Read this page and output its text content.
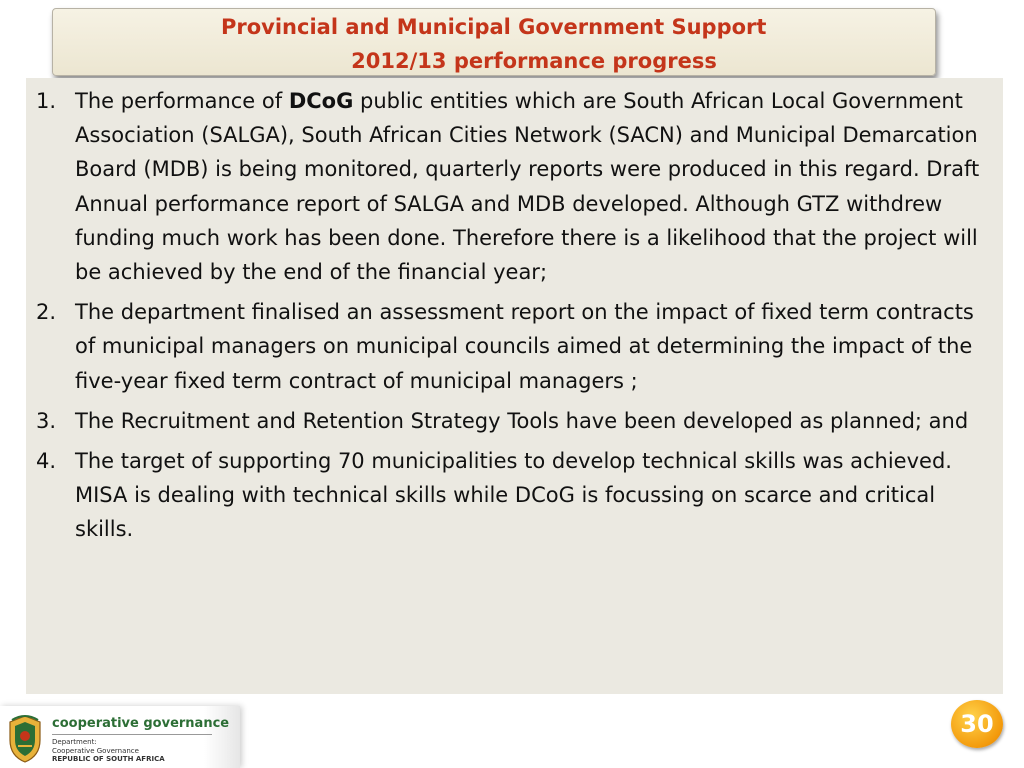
Provincial and Municipal Government Support
2012/13 performance progress
1. The performance of DCoG public entities which are South African Local Government Association (SALGA), South African Cities Network (SACN) and Municipal Demarcation Board (MDB) is being monitored, quarterly reports were produced in this regard. Draft Annual performance report of SALGA and MDB developed. Although GTZ withdrew funding much work has been done. Therefore there is a likelihood that the project will be achieved by the end of the financial year;
2. The department finalised an assessment report on the impact of fixed term contracts of municipal managers on municipal councils aimed at determining the impact of the five-year fixed term contract of municipal managers ;
3. The Recruitment and Retention Strategy Tools have been developed as planned; and
4. The target of supporting 70 municipalities to develop technical skills was achieved. MISA is dealing with technical skills while DCoG is focussing on scarce and critical skills.
cooperative governance
Department:
Cooperative Governance
REPUBLIC OF SOUTH AFRICA
30
